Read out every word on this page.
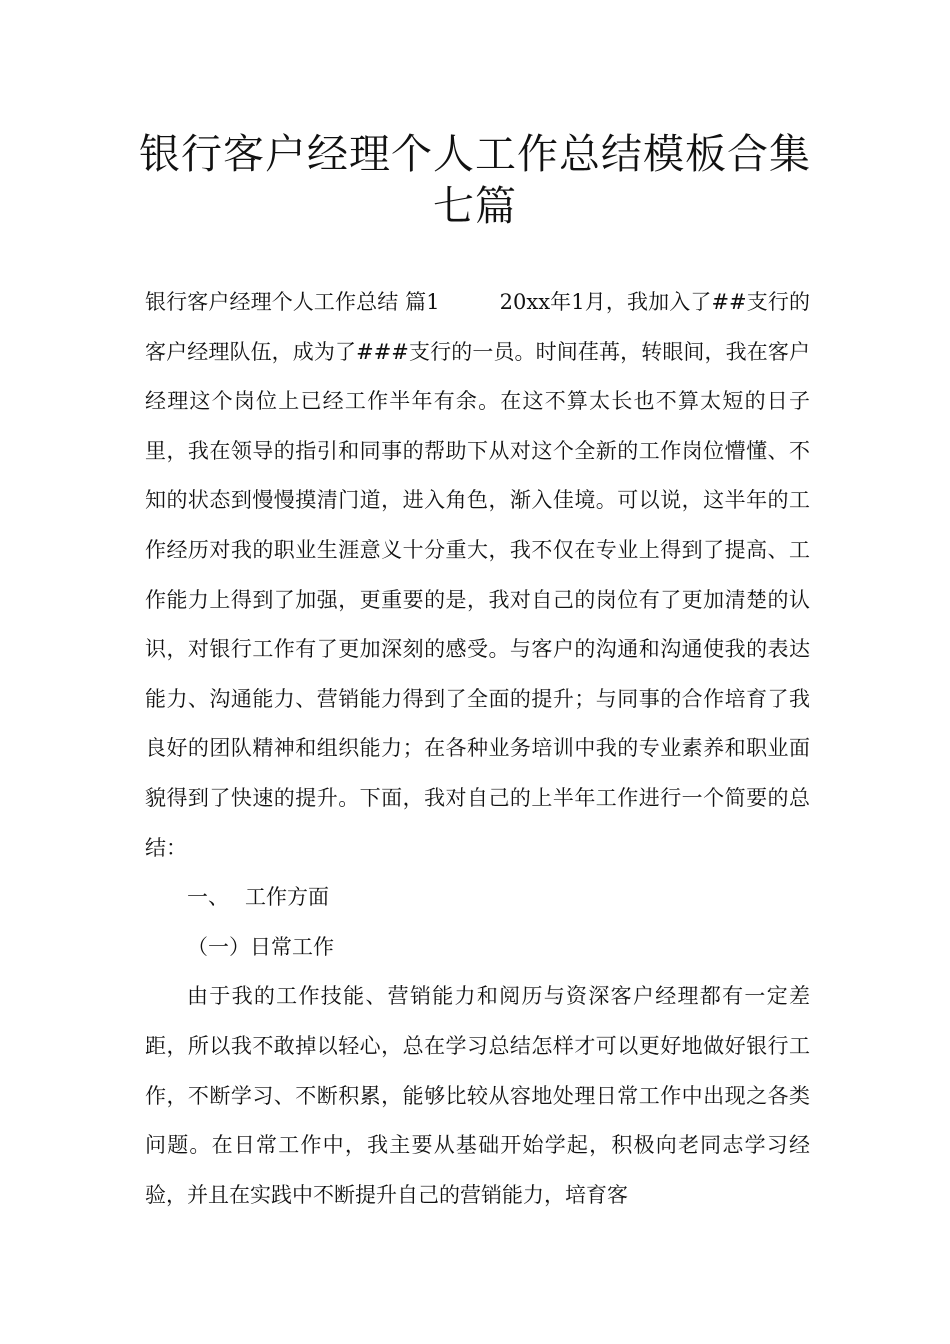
银行客户经理个人工作总结模板合集七篇

银行客户经理个人工作总结 篇1	20xx年1月，我加入了##支行的客户经理队伍，成为了###支行的一员。时间荏苒，转眼间，我在客户经理这个岗位上已经工作半年有余。在这不算太长也不算太短的日子里，我在领导的指引和同事的帮助下从对这个全新的工作岗位懵懂、不知的状态到慢慢摸清门道，进入角色，渐入佳境。可以说，这半年的工作经历对我的职业生涯意义十分重大，我不仅在专业上得到了提高、工作能力上得到了加强，更重要的是，我对自己的岗位有了更加清楚的认识，对银行工作有了更加深刻的感受。与客户的沟通和沟通使我的表达能力、沟通能力、营销能力得到了全面的提升；与同事的合作培育了我良好的团队精神和组织能力；在各种业务培训中我的专业素养和职业面貌得到了快速的提升。下面，我对自己的上半年工作进行一个简要的总结：

一、 工作方面

（一）日常工作

由于我的工作技能、营销能力和阅历与资深客户经理都有一定差距，所以我不敢掉以轻心，总在学习总结怎样才可以更好地做好银行工作，不断学习、不断积累，能够比较从容地处理日常工作中出现之各类问题。在日常工作中，我主要从基础开始学起，积极向老同志学习经验，并且在实践中不断提升自己的营销能力，培育客
